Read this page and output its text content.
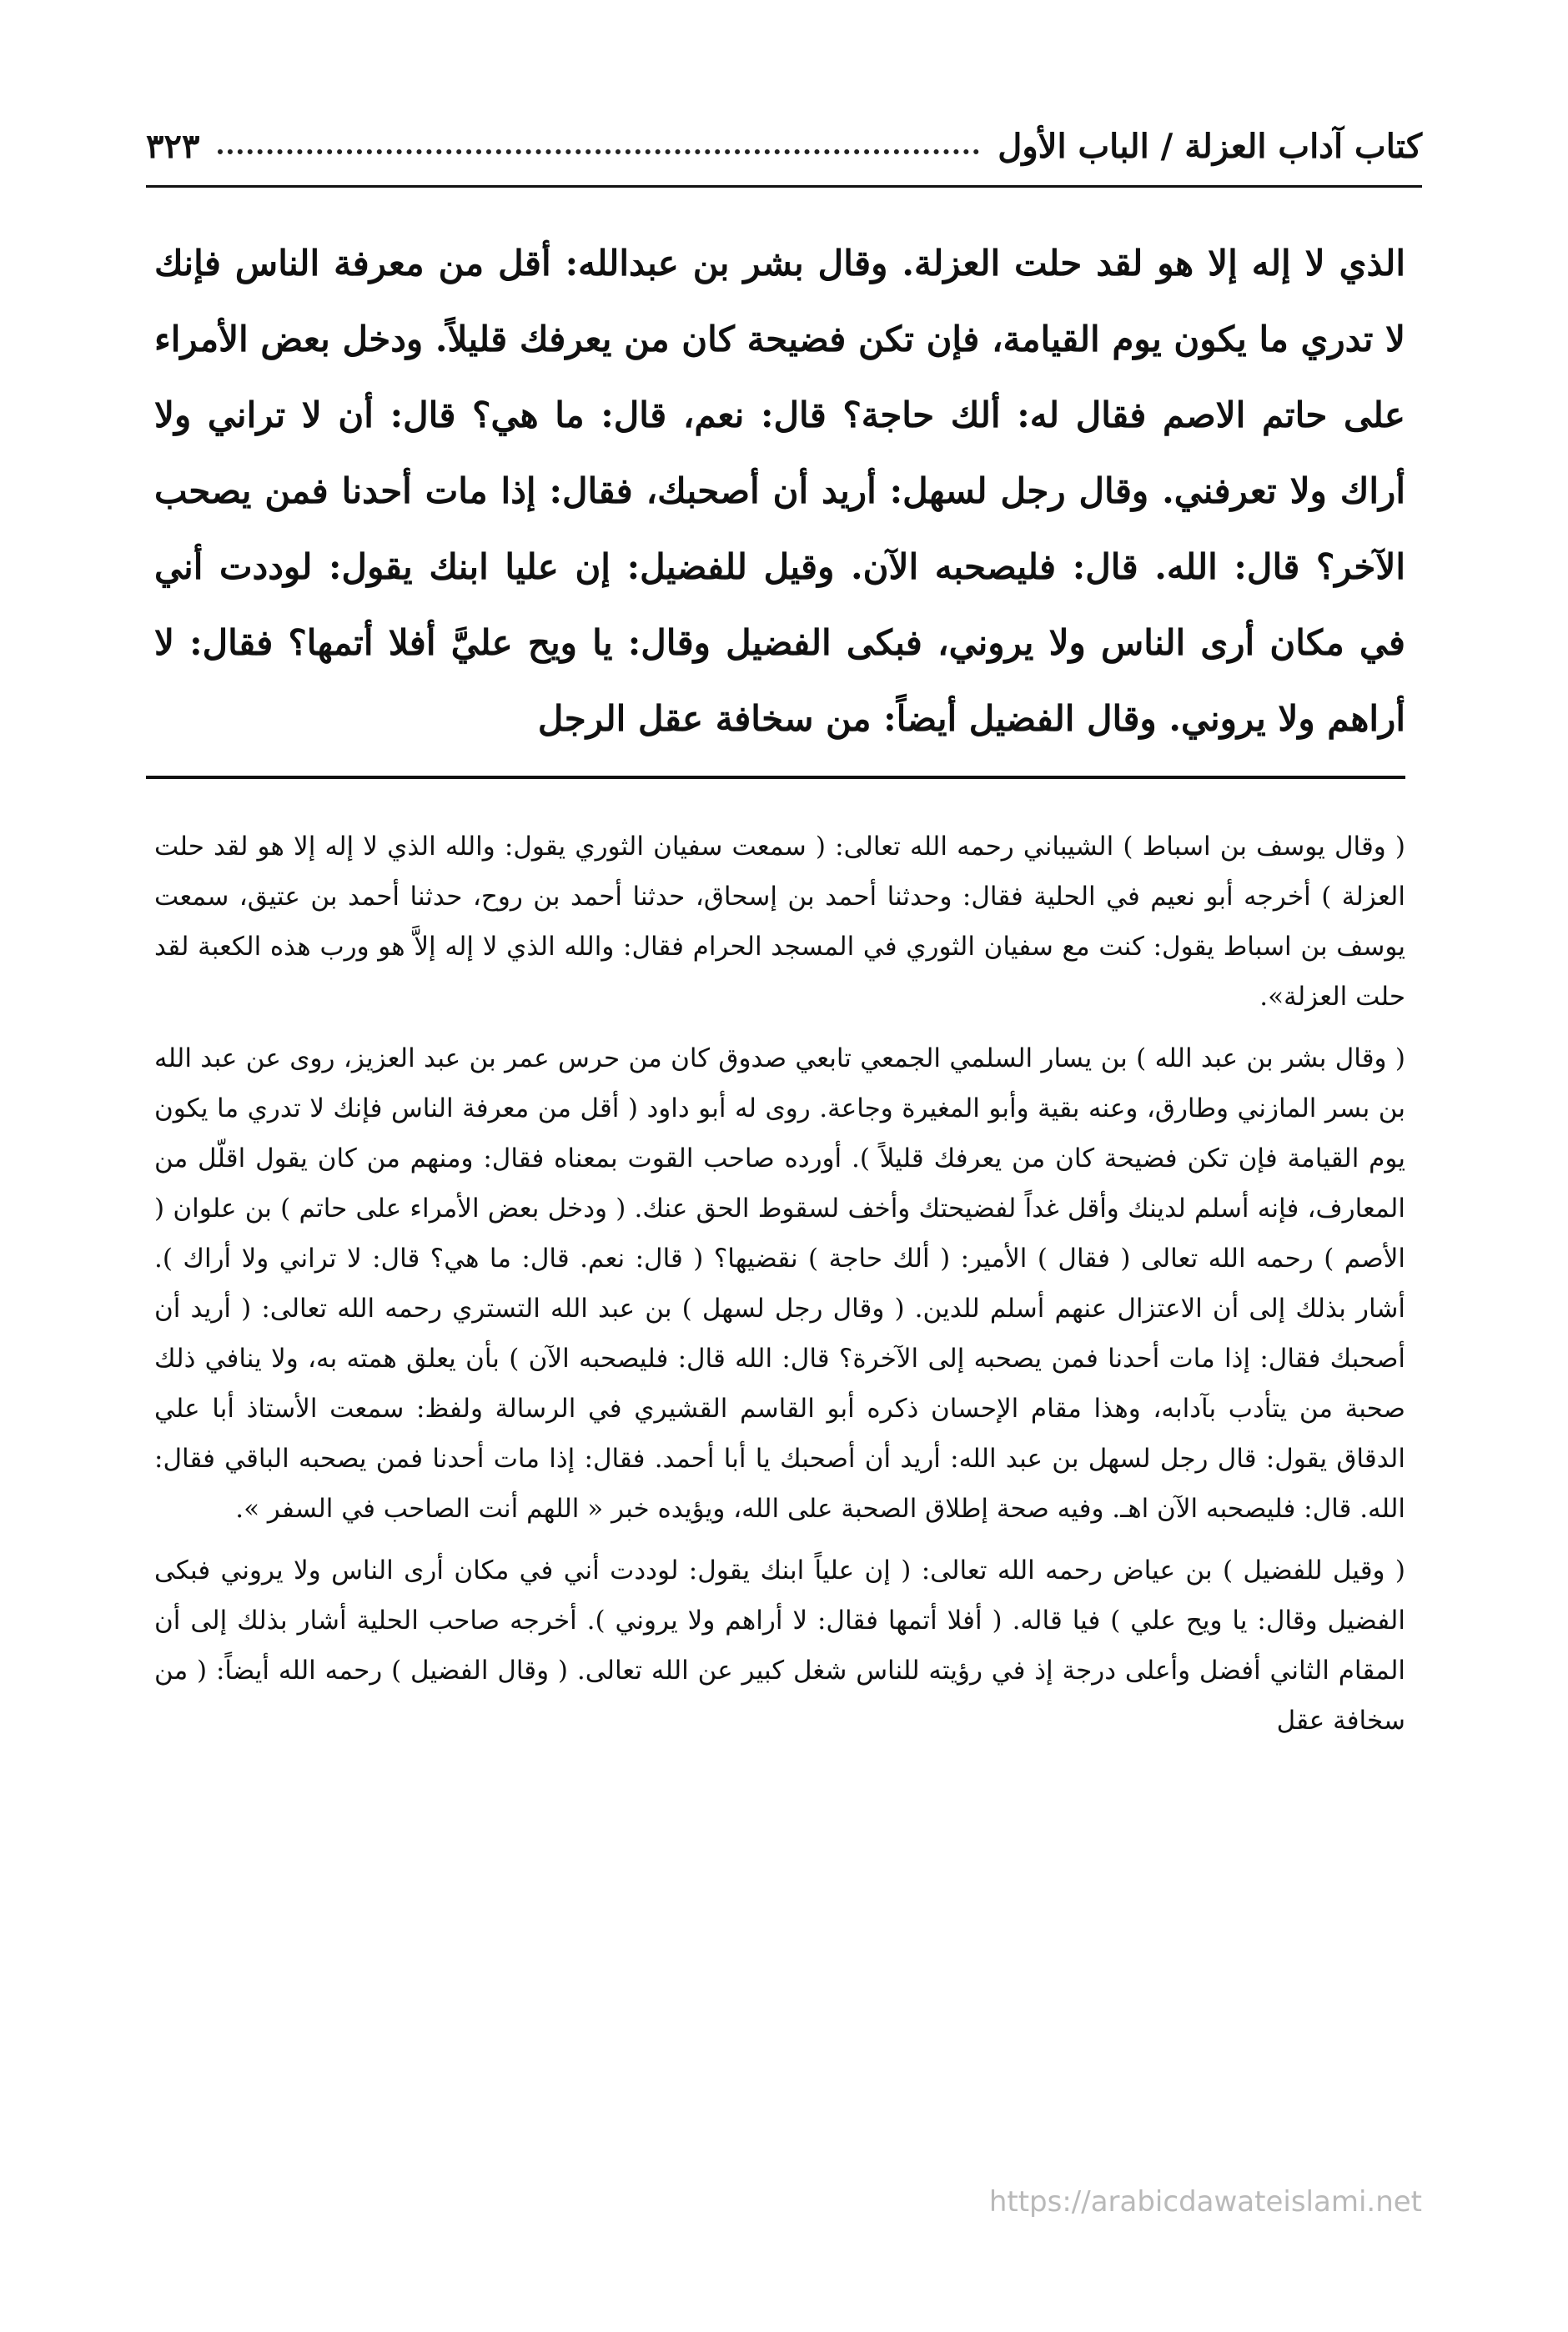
كتاب آداب العزلة / الباب الأول
٣٢٣

الذي لا إله إلا هو لقد حلت العزلة. وقال بشر بن عبدالله: أقل من معرفة الناس فإنك لا تدري ما يكون يوم القيامة، فإن تكن فضيحة كان من يعرفك قليلاً. ودخل بعض الأمراء على حاتم الاصم فقال له: ألك حاجة؟ قال: نعم، قال: ما هي؟ قال: أن لا تراني ولا أراك ولا تعرفني. وقال رجل لسهل: أريد أن أصحبك، فقال: إذا مات أحدنا فمن يصحب الآخر؟ قال: الله. قال: فليصحبه الآن. وقيل للفضيل: إن عليا ابنك يقول: لوددت أني في مكان أرى الناس ولا يروني، فبكى الفضيل وقال: يا ويح عليَّ أفلا أتمها؟ فقال: لا أراهم ولا يروني. وقال الفضيل أيضاً: من سخافة عقل الرجل

( وقال يوسف بن اسباط ) الشيباني رحمه الله تعالى: ( سمعت سفيان الثوري يقول: والله الذي لا إله إلا هو لقد حلت العزلة ) أخرجه أبو نعيم في الحلية فقال: وحدثنا أحمد بن إسحاق، حدثنا أحمد بن روح، حدثنا أحمد بن عتيق، سمعت يوسف بن اسباط يقول: كنت مع سفيان الثوري في المسجد الحرام فقال: والله الذي لا إله إلاَّ هو ورب هذه الكعبة لقد حلت العزلة».

( وقال بشر بن عبد الله ) بن يسار السلمي الجمعي تابعي صدوق كان من حرس عمر بن عبد العزيز، روى عن عبد الله بن بسر المازني وطارق، وعنه بقية وأبو المغيرة وجاعة. روى له أبو داود ( أقل من معرفة الناس فإنك لا تدري ما يكون يوم القيامة فإن تكن فضيحة كان من يعرفك قليلاً ). أورده صاحب القوت بمعناه فقال: ومنهم من كان يقول اقلّل من المعارف، فإنه أسلم لدينك وأقل غداً لفضيحتك وأخف لسقوط الحق عنك. ( ودخل بعض الأمراء على حاتم ) بن علوان ( الأصم ) رحمه الله تعالى ( فقال ) الأمير: ( ألك حاجة ) نقضيها؟ ( قال: نعم. قال: ما هي؟ قال: لا تراني ولا أراك ). أشار بذلك إلى أن الاعتزال عنهم أسلم للدين. ( وقال رجل لسهل ) بن عبد الله التستري رحمه الله تعالى: ( أريد أن أصحبك فقال: إذا مات أحدنا فمن يصحبه إلى الآخرة؟ قال: الله قال: فليصحبه الآن ) بأن يعلق همته به، ولا ينافي ذلك صحبة من يتأدب بآدابه، وهذا مقام الإحسان ذكره أبو القاسم القشيري في الرسالة ولفظ: سمعت الأستاذ أبا علي الدقاق يقول: قال رجل لسهل بن عبد الله: أريد أن أصحبك يا أبا أحمد. فقال: إذا مات أحدنا فمن يصحبه الباقي فقال: الله. قال: فليصحبه الآن اهـ. وفيه صحة إطلاق الصحبة على الله، ويؤيده خبر « اللهم أنت الصاحب في السفر ».

( وقيل للفضيل ) بن عياض رحمه الله تعالى: ( إن علياً ابنك يقول: لوددت أني في مكان أرى الناس ولا يروني فبكى الفضيل وقال: يا ويح علي ) فيا قاله. ( أفلا أتمها فقال: لا أراهم ولا يروني ). أخرجه صاحب الحلية أشار بذلك إلى أن المقام الثاني أفضل وأعلى درجة إذ في رؤيته للناس شغل كبير عن الله تعالى. ( وقال الفضيل ) رحمه الله أيضاً: ( من سخافة عقل

https://arabicdawateislami.net
